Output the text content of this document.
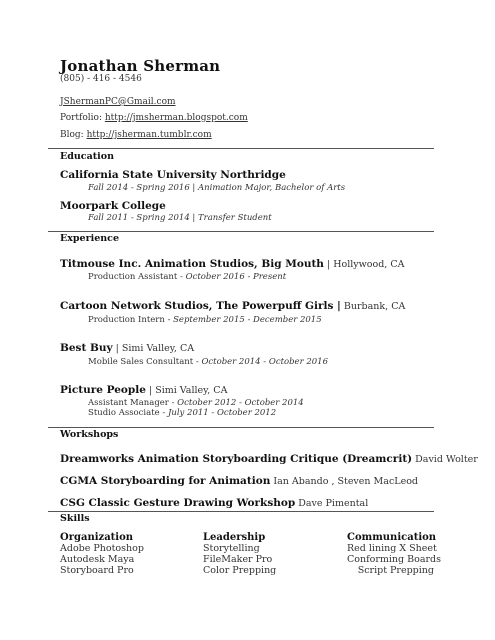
Jonathan Sherman
(805) - 416 - 4546
JShermanPC@Gmail.com
Portfolio: http://jmsherman.blogspot.com
Blog: http://jsherman.tumblr.com
Education
California State University Northridge
Fall 2014 - Spring 2016 | Animation Major, Bachelor of Arts
Moorpark College
Fall 2011 - Spring 2014 | Transfer Student
Experience
Titmouse Inc. Animation Studios, Big Mouth | Hollywood, CA
Production Assistant - October 2016 - Present
Cartoon Network Studios, The Powerpuff Girls | Burbank, CA
Production Intern - September 2015 - December 2015
Best Buy | Simi Valley, CA
Mobile Sales Consultant - October 2014 - October 2016
Picture People | Simi Valley, CA
Assistant Manager - October 2012 - October 2014
Studio Associate - July 2011 - October 2012
Workshops
Dreamworks Animation Storyboarding Critique (Dreamcrit) David Wolter
CGMA Storyboarding for Animation Ian Abando , Steven MacLeod
CSG Classic Gesture Drawing Workshop Dave Pimental
Skills
Organization
Adobe Photoshop
Autodesk Maya
Storyboard Pro
Leadership
Storytelling
FileMaker Pro
Color Prepping
Communication
Red lining X Sheet
Conforming Boards
Script Prepping
